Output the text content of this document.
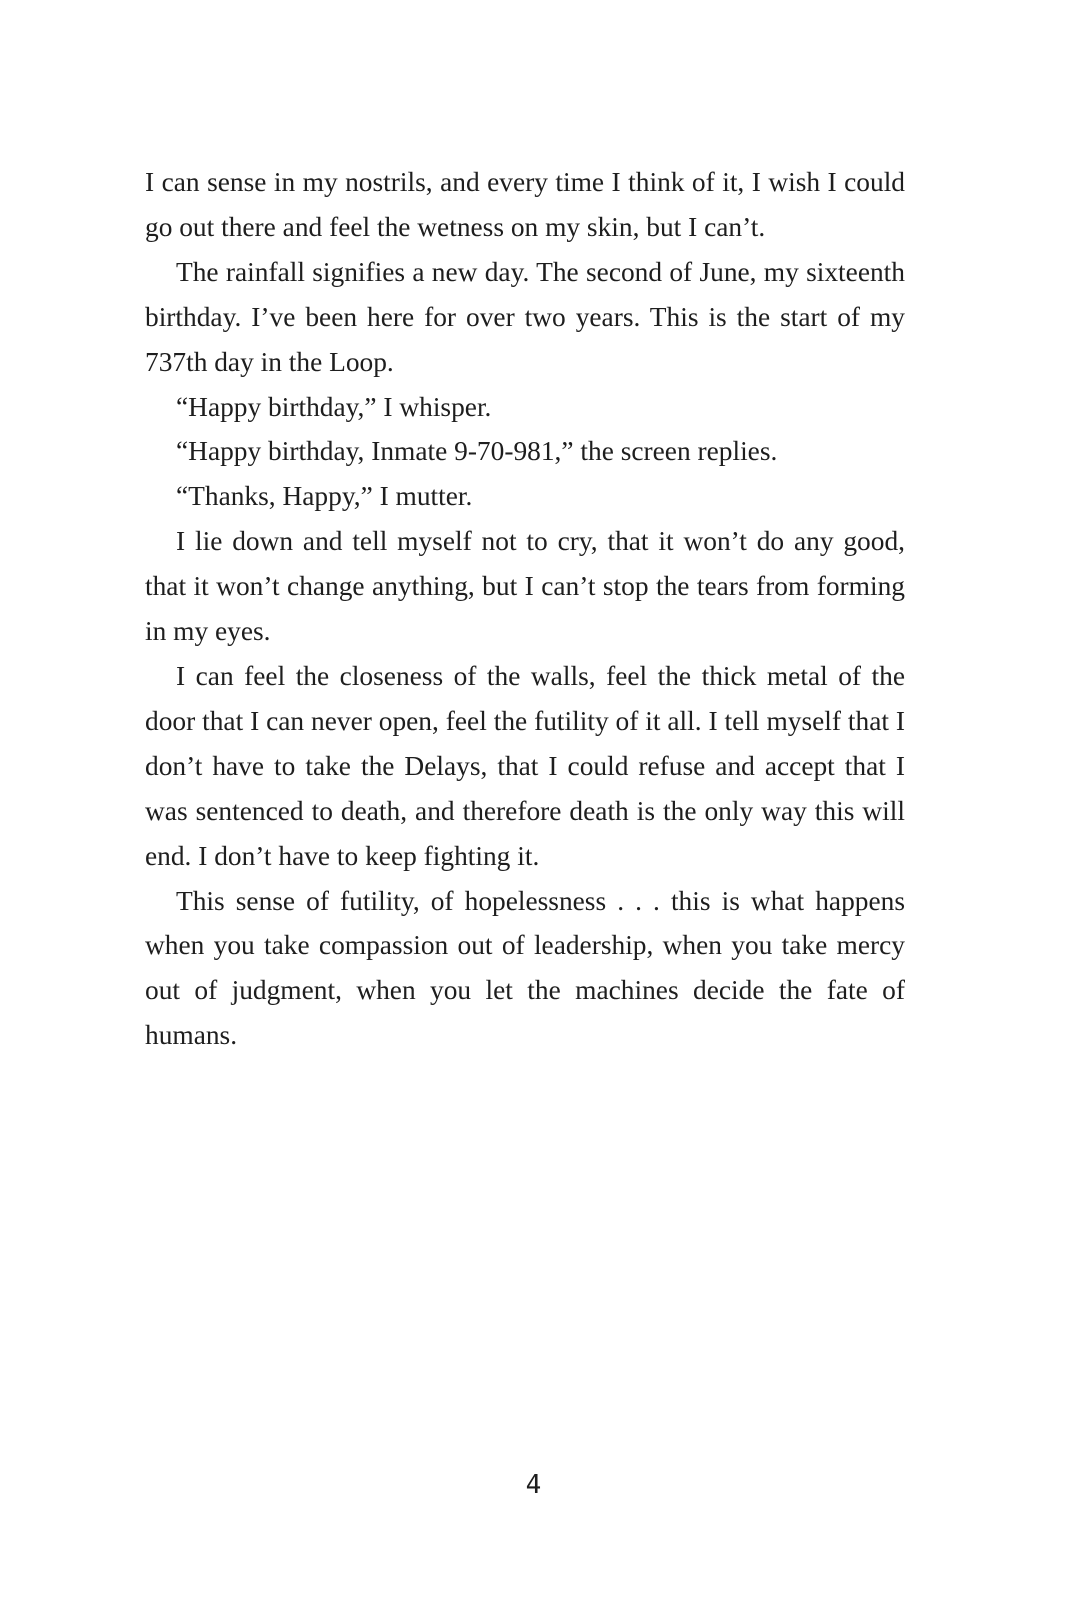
I can sense in my nostrils, and every time I think of it, I wish I could go out there and feel the wetness on my skin, but I can’t.

The rainfall signifies a new day. The second of June, my sixteenth birthday. I’ve been here for over two years. This is the start of my 737th day in the Loop.

“Happy birthday,” I whisper.

“Happy birthday, Inmate 9-70-981,” the screen replies.

“Thanks, Happy,” I mutter.

I lie down and tell myself not to cry, that it won’t do any good, that it won’t change anything, but I can’t stop the tears from forming in my eyes.

I can feel the closeness of the walls, feel the thick metal of the door that I can never open, feel the futility of it all. I tell myself that I don’t have to take the Delays, that I could refuse and accept that I was sentenced to death, and therefore death is the only way this will end. I don’t have to keep fighting it.

This sense of futility, of hopelessness . . . this is what happens when you take compassion out of leadership, when you take mercy out of judgment, when you let the machines decide the fate of humans.

4
